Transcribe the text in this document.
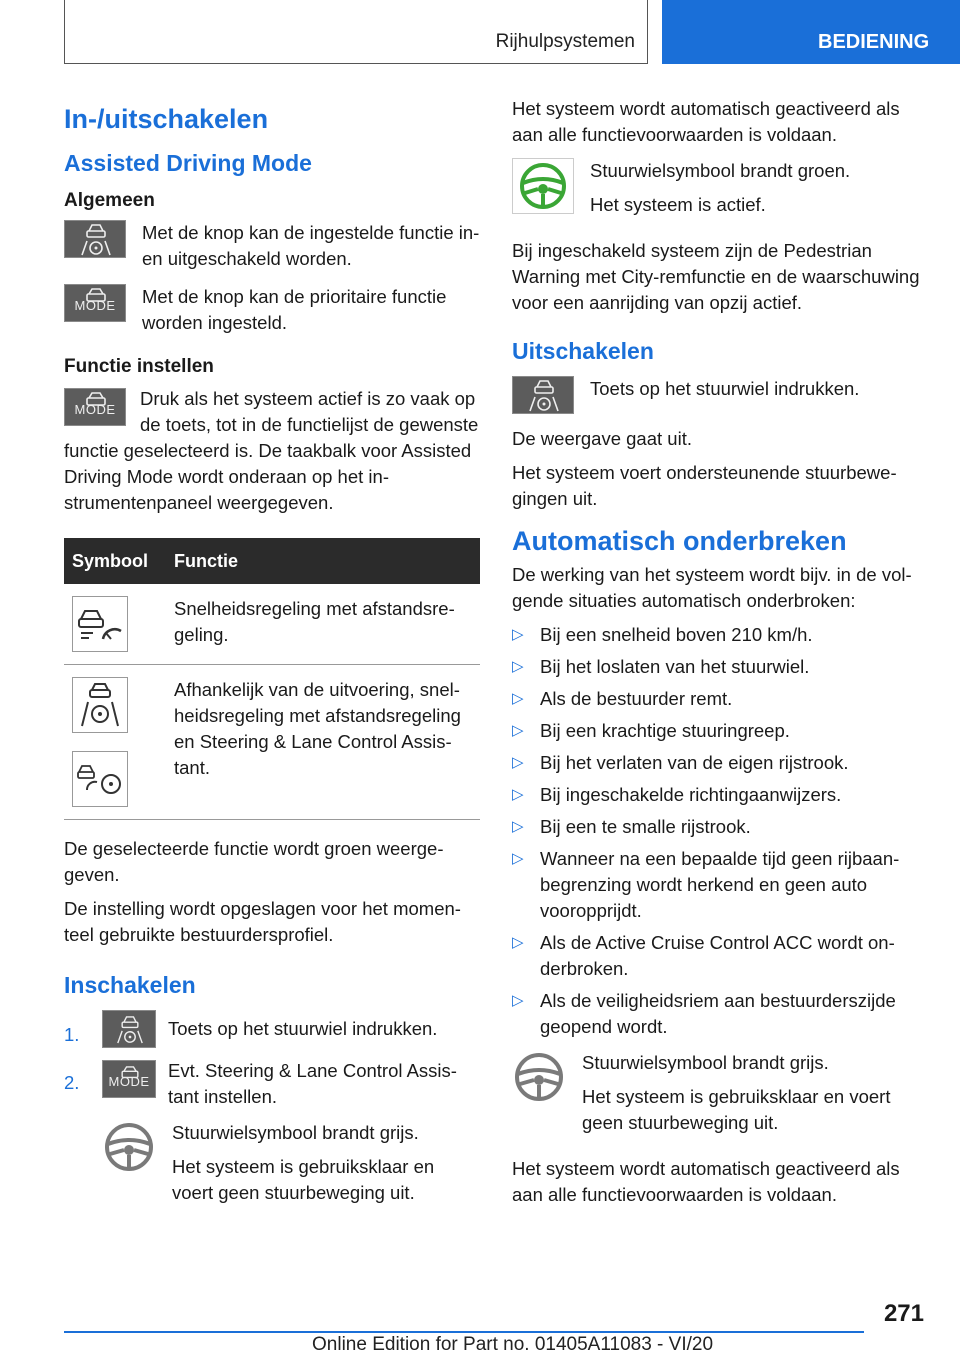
Rijhulpsystemen	BEDIENING
In-/uitschakelen
Assisted Driving Mode
Algemeen
Met de knop kan de ingestelde functie in- en uitgeschakeld worden.
MODE	Met de knop kan de prioritaire functie worden ingesteld.
Functie instellen
MODE
Druk als het systeem actief is zo vaak op de toets, tot in de functielijst de gewenste functie geselecteerd is. De taakbalk voor Assisted Driving Mode wordt onderaan op het instrumentenpaneel weergegeven.
Symbool	Functie

	Snelheidsregeling met afstandsregeling.

	Afhankelijk van de uitvoering, snelheidsregeling met afstandsregeling en Steering & Lane Control Assistant.

De geselecteerde functie wordt groen weergegeven.

De instelling wordt opgeslagen voor het momenteel gebruikte bestuurdersprofiel.

Inschakelen
1.	Toets op het stuurwiel indrukken.
2.	MODE
Evt. Steering & Lane Control Assistant instellen.

Stuurwielsymbool brandt grijs.

Het systeem is gebruiksklaar en voert geen stuurbeweging uit.

Het systeem wordt automatisch geactiveerd als aan alle functievoorwaarden is voldaan.

Stuurwielsymbool brandt groen.

Het systeem is actief.

Bij ingeschakeld systeem zijn de Pedestrian Warning met City-remfunctie en de waarschuwing voor een aanrijding van opzij actief.

Uitschakelen
Toets op het stuurwiel indrukken.

De weergave gaat uit.

Het systeem voert ondersteunende stuurbewegingen uit.

Automatisch onderbreken

De werking van het systeem wordt bijv. in de volgende situaties automatisch onderbroken:

▷ Bij een snelheid boven 210 km/h.
▷ Bij het loslaten van het stuurwiel.
▷ Als de bestuurder remt.
▷ Bij een krachtige stuuringreep.
▷ Bij het verlaten van de eigen rijstrook.
▷ Bij ingeschakelde richtingaanwijzers.
▷ Bij een te smalle rijstrook.
▷ Wanneer na een bepaalde tijd geen rijbaanbegrenzing wordt herkend en geen auto vooropprijdt.
▷ Als de Active Cruise Control ACC wordt onderbroken.
▷ Als de veiligheidsriem aan bestuurderszijde geopend wordt.

Stuurwielsymbool brandt grijs.

Het systeem is gebruiksklaar en voert geen stuurbeweging uit.

Het systeem wordt automatisch geactiveerd als aan alle functievoorwaarden is voldaan.

271
Online Edition for Part no. 01405A11083 - VI/20
